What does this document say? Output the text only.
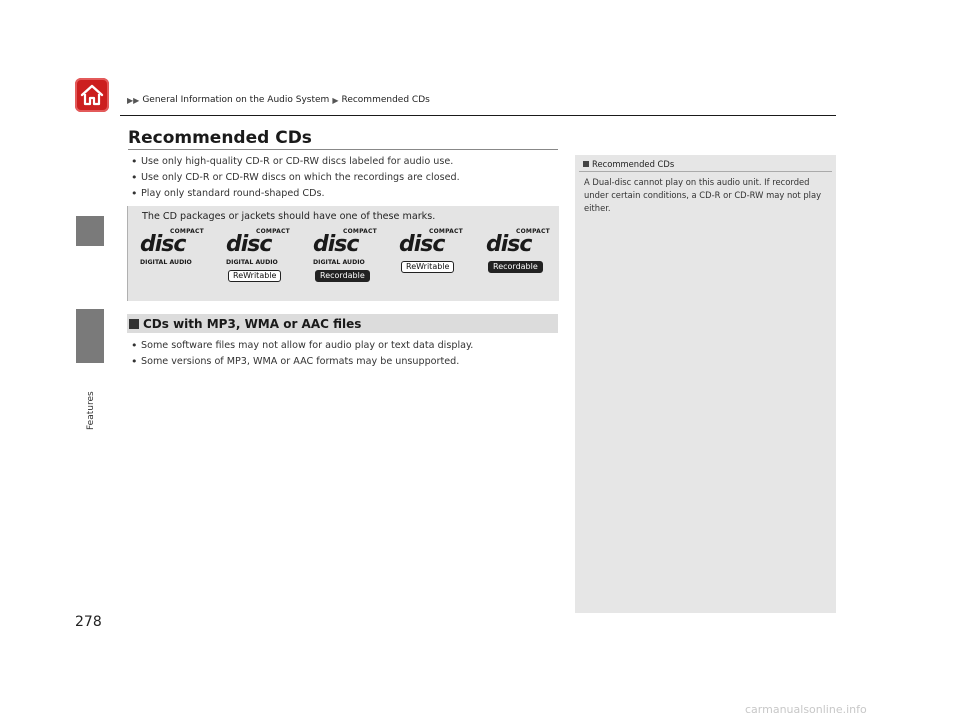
Features
▶▶ General Information on the Audio System ▶ Recommended CDs
Recommended CDs
• Use only high-quality CD-R or CD-RW discs labeled for audio use.
• Use only CD-R or CD-RW discs on which the recordings are closed.
• Play only standard round-shaped CDs.
The CD packages or jackets should have one of these marks.
COMPACT
disc
DIGITAL AUDIO
COMPACT
disc
DIGITAL AUDIO
ReWritable
COMPACT
disc
DIGITAL AUDIO
Recordable
COMPACT
disc
ReWritable
COMPACT
disc
Recordable
CDs with MP3, WMA or AAC files
• Some software files may not allow for audio play or text data display.
• Some versions of MP3, WMA or AAC formats may be unsupported.
Recommended CDs

A Dual-disc cannot play on this audio unit. If recorded under certain conditions, a CD-R or CD-RW may not play either.

278
carmanualsonline.info
